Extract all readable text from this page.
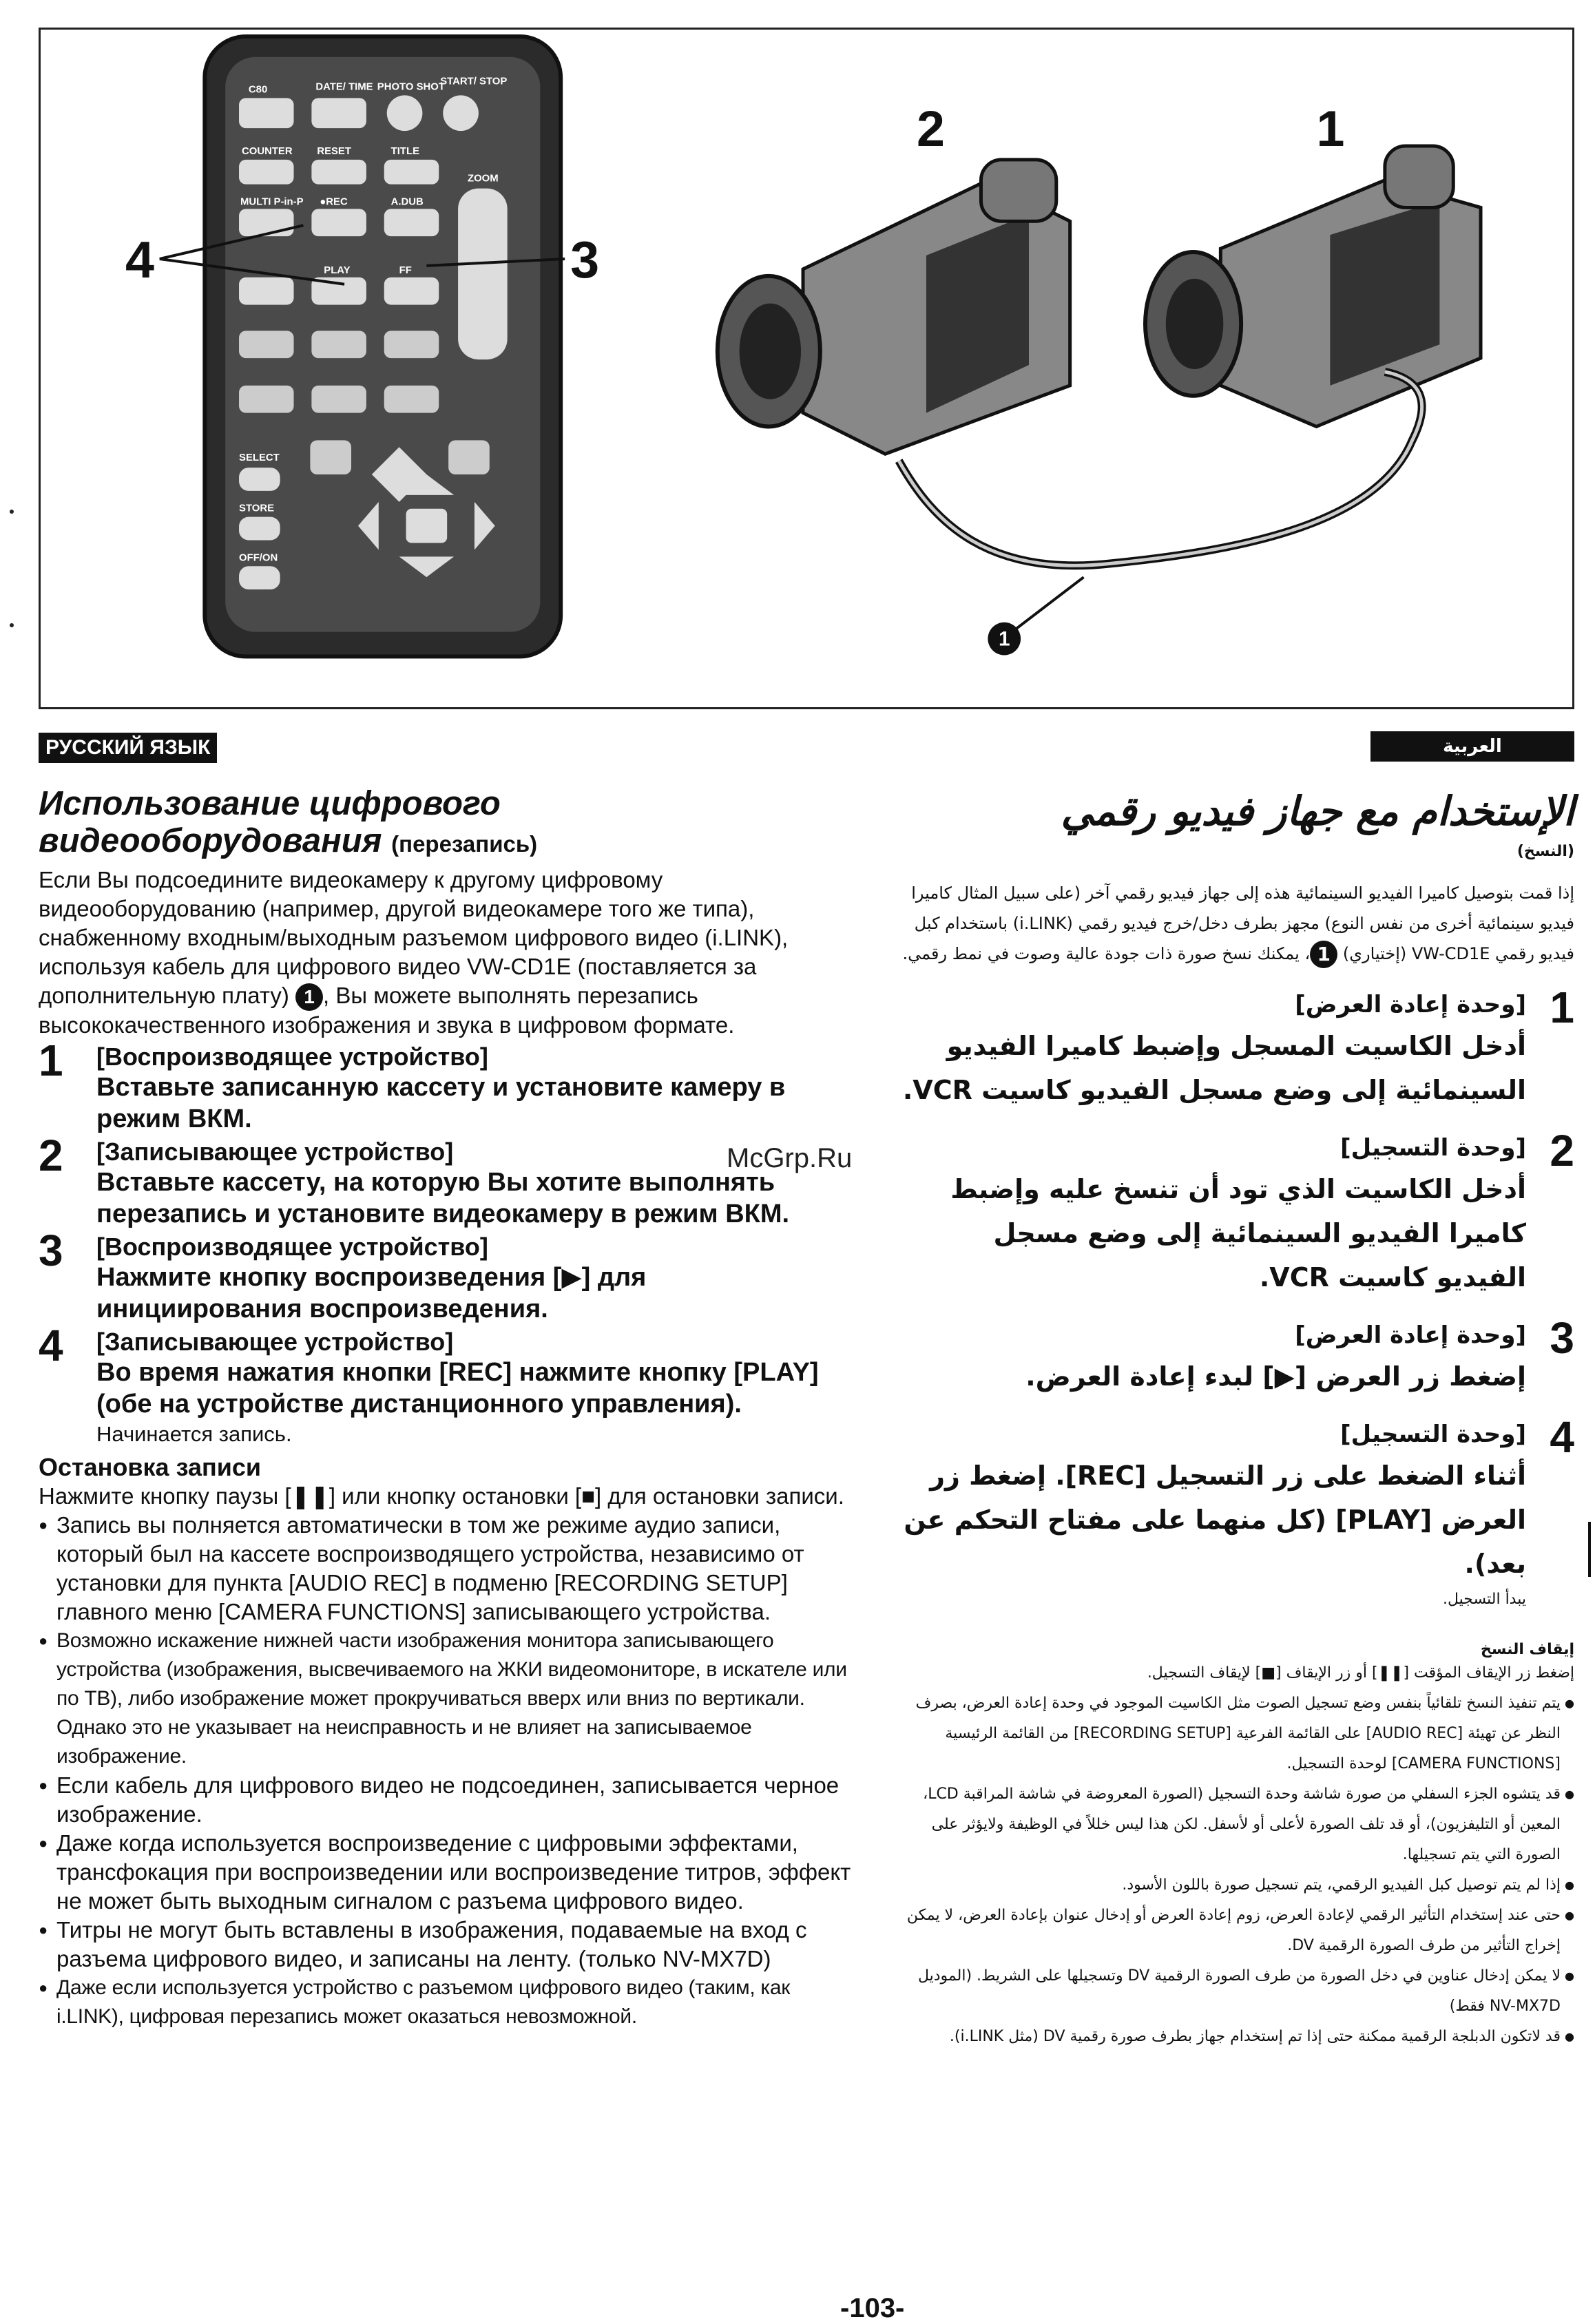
C80	DATE/ TIME PHOTO SHOT
START/ STOP
COUNTER RESET	TITLE
ZOOM
MULTI P-in-P ●REC	A.DUB
PLAY	FF
SELECT
STORE
OFF/ON
4	3
2	1
1
РУССКИЙ ЯЗЫК	العربية
McGrp.Ru
Использование цифрового
видеооборудования (перезапись)
Если Вы подсоедините видеокамеру к другому цифровому видеооборудованию (например, другой видеокамере того же типа), снабженному входным/выходным разъемом цифрового видео (i.LINK), используя кабель для цифрового видео VW-CD1E (поставляется за дополнительную плату) 1 , Вы можете выполнять перезапись высококачественного изображения и звука в цифровом формате.
1 [Воспроизводящее устройство]
Вставьте записанную кассету и установите камеру в режим ВКМ.
2 [Записывающее устройство]
Вставьте кассету, на которую Вы хотите выполнять перезапись и установите видеокамеру в режим ВКМ.
3 [Воспроизводящее устройство]
Нажмите кнопку воспроизведения [▶] для инициирования воспроизведения.
4 [Записывающее устройство]
Во время нажатия кнопки [REC] нажмите кнопку [PLAY] (обе на устройстве дистанционного управления).
Начинается запись.
Остановка записи
Нажмите кнопку паузы [❚❚] или кнопку остановки [■] для остановки записи.
● Запись вы полняется автоматически в том же режиме аудио записи, который был на кассете воспроизводящего устройства, независимо от установки для пункта [AUDIO REC] в подменю [RECORDING SETUP] главного меню [CAMERA FUNCTIONS] записывающего устройства.
● Возможно искажение нижней части изображения монитора записывающего устройства (изображения, высвечиваемого на ЖКИ видеомониторе, в искателе или по ТВ), либо изображение может прокручиваться вверх или вниз по вертикали. Однако это не указывает на неисправность и не влияет на записываемое изображение.
● Если кабель для цифрового видео не подсоединен, записывается черное изображение.
● Даже когда используется воспроизведение с цифровыми эффектами, трансфокация при воспроизведении или воспроизведение титров, эффект не может быть выходным сигналом с разъема цифрового видео.
● Титры не могут быть вставлены в изображения, подаваемые на вход с разъема цифрового видео, и записаны на ленту. (только NV-MX7D)
● Даже если используется устройство с разъемом цифрового видео (таким, как i.LINK), цифровая перезапись может оказаться невозможной.
الإستخدام مع جهاز فيديو رقمي
(النسخ)
إذا قمت بتوصيل كاميرا الفيديو السينمائية هذه إلى جهاز فيديو رقمي آخر (على سبيل المثال كاميرا فيديو سينمائية أخرى من نفس النوع) مجهز بطرف دخل/خرج فيديو رقمي (i.LINK) باستخدام كبل فيديو رقمي VW-CD1E (إختياري) 1، يمكنك نسخ صورة ذات جودة عالية وصوت في نمط رقمي.
1
[وحدة إعادة العرض]
أدخل الكاسيت المسجل وإضبط كاميرا الفيديو السينمائية إلى وضع مسجل الفيديو كاسيت VCR.
2
[وحدة التسجيل]
أدخل الكاسيت الذي تود أن تنسخ عليه وإضبط كاميرا الفيديو السينمائية إلى وضع مسجل الفيديو كاسيت VCR.
3
[وحدة إعادة العرض]
إضغط زر العرض [▶] لبدء إعادة العرض.
4
[وحدة التسجيل]
أثناء الضغط على زر التسجيل [REC]. إضغط زر العرض [PLAY] (كل منهما على مفتاح التحكم عن بعد).
يبدأ التسجيل.
إيقاف النسخ
إضغط زر الإيقاف المؤقت [❚❚] أو زر الإيقاف [■] لإيقاف التسجيل.
● يتم تنفيذ النسخ تلقائياً بنفس وضع تسجيل الصوت مثل الكاسيت الموجود في وحدة إعادة العرض، بصرف النظر عن تهيئة [AUDIO REC] على القائمة الفرعية [RECORDING SETUP] من القائمة الرئيسية [CAMERA FUNCTIONS] لوحدة التسجيل.
● قد يتشوه الجزء السفلي من صورة شاشة وحدة التسجيل (الصورة المعروضة في شاشة المراقبة LCD، المعين أو التليفزيون)، أو قد تلف الصورة لأعلى أو لأسفل. لكن هذا ليس خللاً في الوظيفة ولايؤثر على الصورة التي يتم تسجيلها.
● إذا لم يتم توصيل كبل الفيديو الرقمي، يتم تسجيل صورة باللون الأسود.
● حتى عند إستخدام التأثير الرقمي لإعادة العرض، زوم إعادة العرض أو إدخال عنوان بإعادة العرض، لا يمكن إخراج التأثير من طرف الصورة الرقمية DV.
● لا يمكن إدخال عناوين في دخل الصورة من طرف الصورة الرقمية DV وتسجيلها على الشريط. (الموديل NV-MX7D فقط)
● قد لاتكون الدبلجة الرقمية ممكنة حتى إذا تم إستخدام جهاز بطرف صورة رقمية DV (مثل i.LINK).
-103-
